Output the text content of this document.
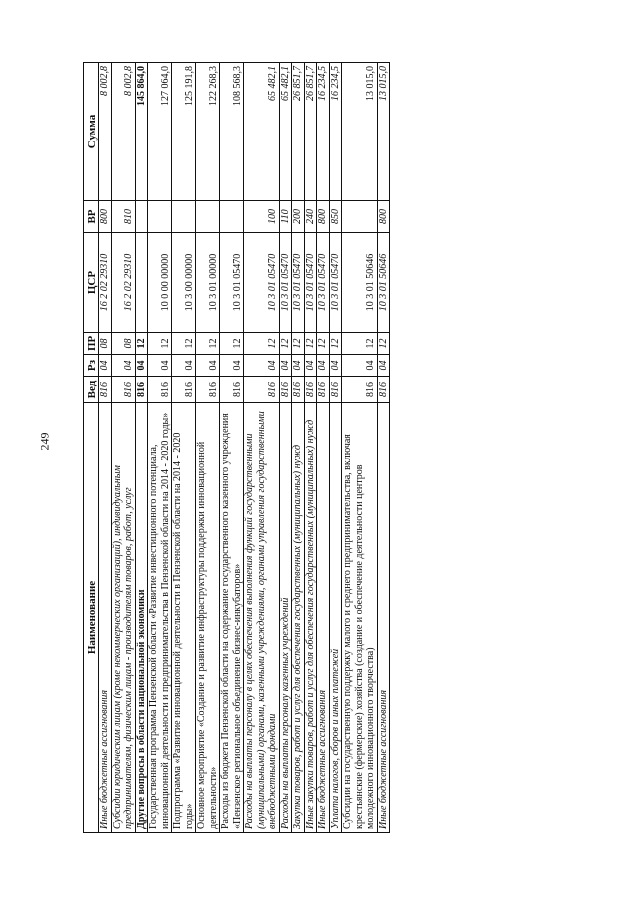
249
Наименование	Вед	Рз	ПР	ЦСР	ВР	Сумма
Иные бюджетные ассигнования	816	04	08	16 2 02 29310	800	8 002,8
Субсидии юридическим лицам (кроме некоммерческих организаций), индивидуальным предпринимателям, физическим лицам - производителям товаров, работ, услуг	816	04	08	16 2 02 29310	810	8 002,8
Другие вопросы в области национальной экономики	816	04	12			145 864,0
Государственная программа Пензенской области «Развитие инвестиционного потенциала, инновационной деятельности и предпринимательства в Пензенской области на 2014 - 2020 годы»	816	04	12	10 0 00 00000		127 064,0
Подпрограмма «Развитие инновационной деятельности в Пензенской области на 2014 - 2020 годы»	816	04	12	10 3 00 00000		125 191,8
Основное мероприятие «Создание и развитие инфраструктуры поддержки инновационной деятельности»	816	04	12	10 3 01 00000		122 268,3
Расходы из бюджета Пензенской области на содержание государственного казенного учреждения «Пензенское региональное объединение бизнес-инкубаторов»	816	04	12	10 3 01 05470		108 568,3
Расходы на выплаты персоналу в целях обеспечения выполнения функций государственными (муниципальными) органами, казенными учреждениями, органами управления государственными внебюджетными фондами	816	04	12	10 3 01 05470	100	65 482,1
Расходы на выплаты персоналу казенных учреждений	816	04	12	10 3 01 05470	110	65 482,1
Закупка товаров, работ и услуг для обеспечения государственных (муниципальных) нужд	816	04	12	10 3 01 05470	200	26 851,7
Иные закупки товаров, работ и услуг для обеспечения государственных (муниципальных) нужд	816	04	12	10 3 01 05470	240	26 851,7
Иные бюджетные ассигнования	816	04	12	10 3 01 05470	800	16 234,5
Уплата налогов, сборов и иных платежей	816	04	12	10 3 01 05470	850	16 234,5
Субсидии на государственную поддержку малого и среднего предпринимательства, включая крестьянские (фермерские) хозяйства (создание и обеспечение деятельности центров молодежного инновационного творчества)	816	04	12	10 3 01 50646		13 015,0
Иные бюджетные ассигнования	816	04	12	10 3 01 50646	800	13 015,0
